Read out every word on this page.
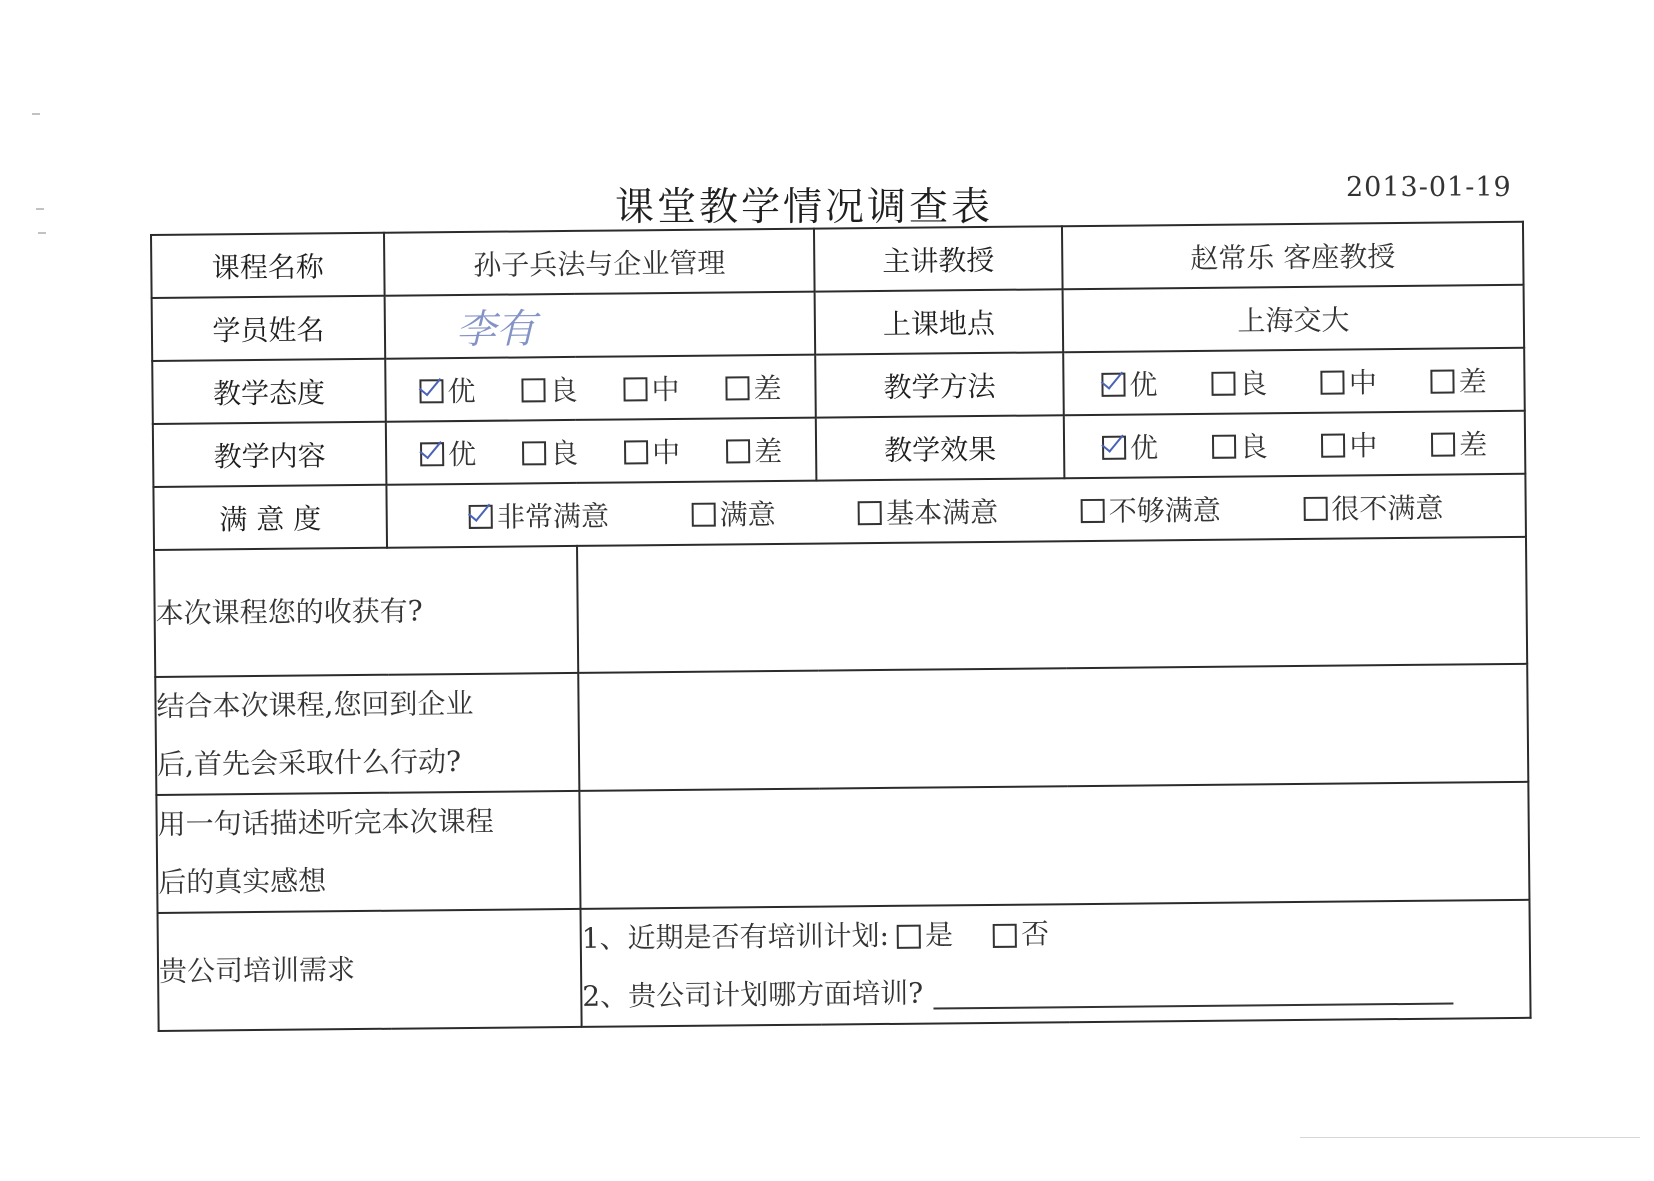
课堂教学情况调查表	2013-01-19
课程名称	孙子兵法与企业管理		主讲教授	赵常乐 客座教授
学员姓名	李有		上课地点	上海交大
教学态度	优 良 中 差		教学方法	优 良 中 差

教学内容	优 良 中 差		教学效果	优 良 中 差

满 意 度	非常满意 满意 基本满意 不够满意 很不满意			

本次课程您的收获有?				

结合本次课程,您回到企业
后,首先会采取什么行动?				

用一句话描述听完本次课程
后的真实感想				

贵公司培训需求		1、近期是否有培训计划: 是 否
2、贵公司计划哪方面培训?		
